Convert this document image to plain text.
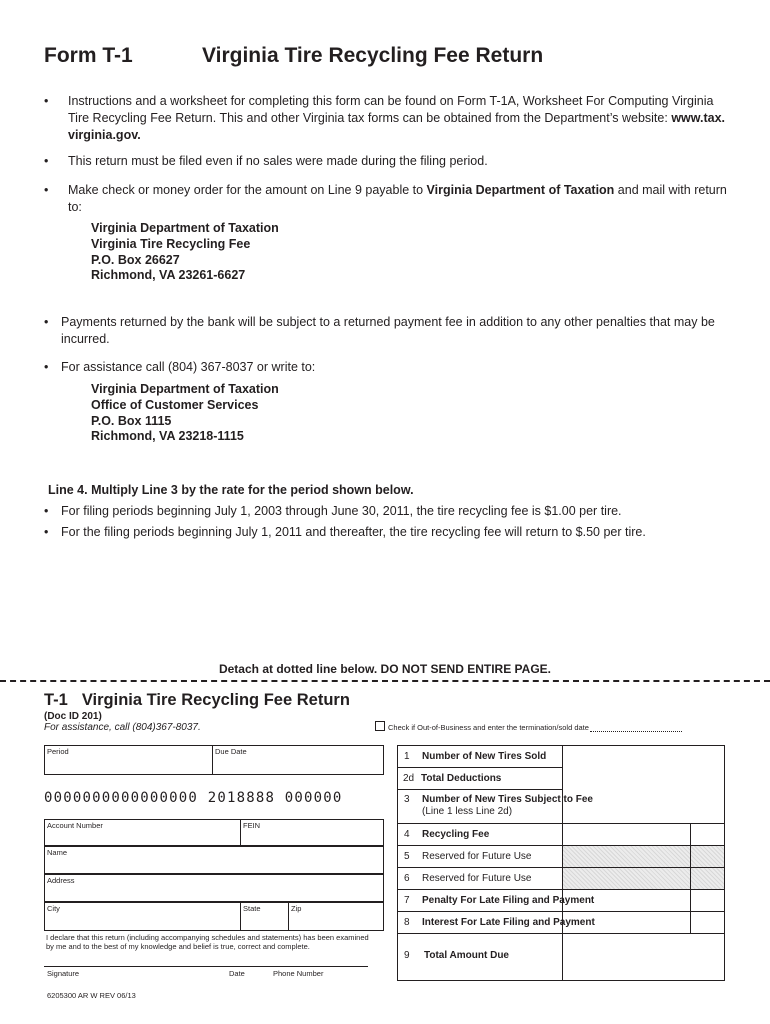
Form T-1	Virginia Tire Recycling Fee Return
• Instructions and a worksheet for completing this form can be found on Form T-1A, Worksheet For Computing Virginia
Tire Recycling Fee Return. This and other Virginia tax forms can be obtained from the Department’s website: www.tax.
virginia.gov.
• This return must be filed even if no sales were made during the filing period.
• Make check or money order for the amount on Line 9 payable to Virginia Department of Taxation and mail with return
to:
Virginia Department of Taxation
Virginia Tire Recycling Fee
P.O. Box 26627
Richmond, VA 23261-6627
• Payments returned by the bank will be subject to a returned payment fee in addition to any other penalties that may be
incurred.
• For assistance call (804) 367-8037 or write to:
Virginia Department of Taxation
Office of Customer Services
P.O. Box 1115
Richmond, VA 23218-1115
Line 4. Multiply Line 3 by the rate for the period shown below.
• For filing periods beginning July 1, 2003 through June 30, 2011, the tire recycling fee is $1.00 per tire.
• For the filing periods beginning July 1, 2011 and thereafter, the tire recycling fee will return to $.50 per tire.
Detach at dotted line below. DO NOT SEND ENTIRE PAGE.
T-1 Virginia Tire Recycling Fee Return
(Doc ID 201)
For assistance, call (804)367-8037.	Check if Out-of-Business and enter the termination/sold date
Period	Due Date
0000000000000000 2018888 000000
Account Number	FEIN
Name
Address
City	State	Zip
I declare that this return (including accompanying schedules and statements) has been examined
by me and to the best of my knowledge and belief is true, correct and complete.
Signature	Date	Phone Number
6205300 AR W REV 06/13
1 Number of New Tires Sold
2d Total Deductions
3 Number of New Tires Subject to Fee
(Line 1 less Line 2d)
4 Recycling Fee
5 Reserved for Future Use
6 Reserved for Future Use
7 Penalty For Late Filing and Payment
8 Interest For Late Filing and Payment
9 Total Amount Due
